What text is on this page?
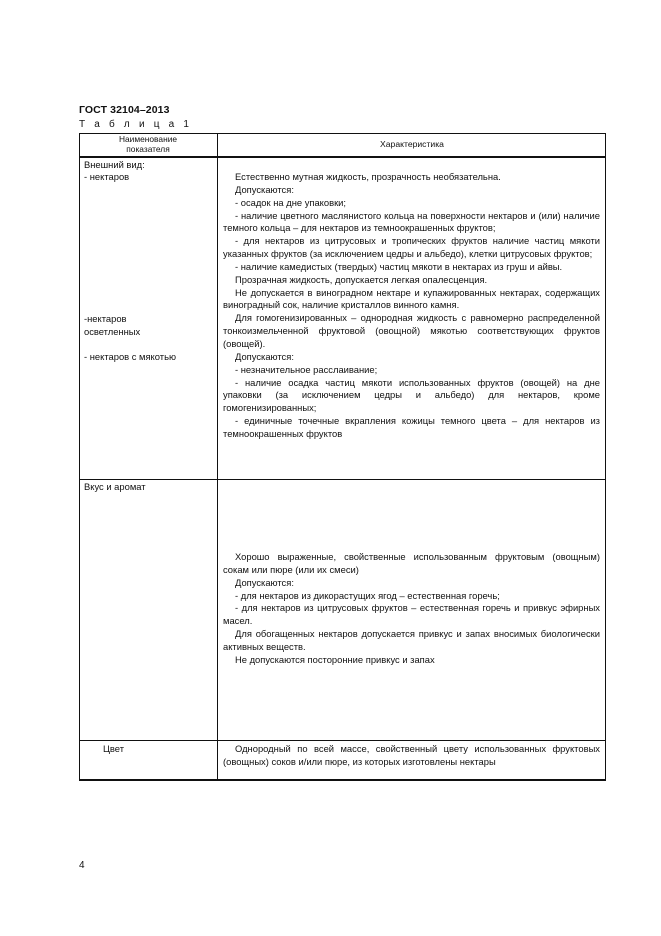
ГОСТ 32104–2013
Т а б л и ц а 1
Наименование
показателя	Характеристика
Внешний вид:
- нектаров
-нектаров
осветленных
- нектаров с мякотью

Естественно мутная жидкость, прозрачность необязательна.

Допускаются:

- осадок на дне упаковки;

- наличие цветного маслянистого кольца на поверхности нектаров и (или) наличие темного кольца – для нектаров из темноокрашенных фруктов;

- для нектаров из цитрусовых и тропических фруктов наличие частиц мякоти указанных фруктов (за исключением цедры и альбедо), клетки цитрусовых фруктов;

- наличие камедистых (твердых) частиц мякоти в нектарах из груш и айвы.

Прозрачная жидкость, допускается легкая опалесценция.

Не допускается в виноградном нектаре и купажированных нектарах, содержащих виноградный сок, наличие кристаллов винного камня.

Для гомогенизированных – однородная жидкость с равномерно распределенной тонкоизмельченной фруктовой (овощной) мякотью соответствующих фруктов (овощей).

Допускаются:

- незначительное расслаивание;

- наличие осадка частиц мякоти использованных фруктов (овощей) на дне упаковки (за исключением цедры и альбедо) для нектаров, кроме гомогенизированных;

- единичные точечные вкрапления кожицы темного цвета – для нектаров из темноокрашенных фруктов

Вкус и аромат

Хорошо выраженные, свойственные использованным фруктовым (овощным) сокам или пюре (или их смеси)

Допускаются:

- для нектаров из дикорастущих ягод – естественная горечь;

- для нектаров из цитрусовых фруктов – естественная горечь и привкус эфирных масел.

Для обогащенных нектаров допускается привкус и запах вносимых биологически активных веществ.

Не допускаются посторонние привкус и запах

Цвет	Однородный по всей массе, свойственный цвету использованных фруктовых (овощных) соков и/или пюре, из которых изготовлены нектары

4
